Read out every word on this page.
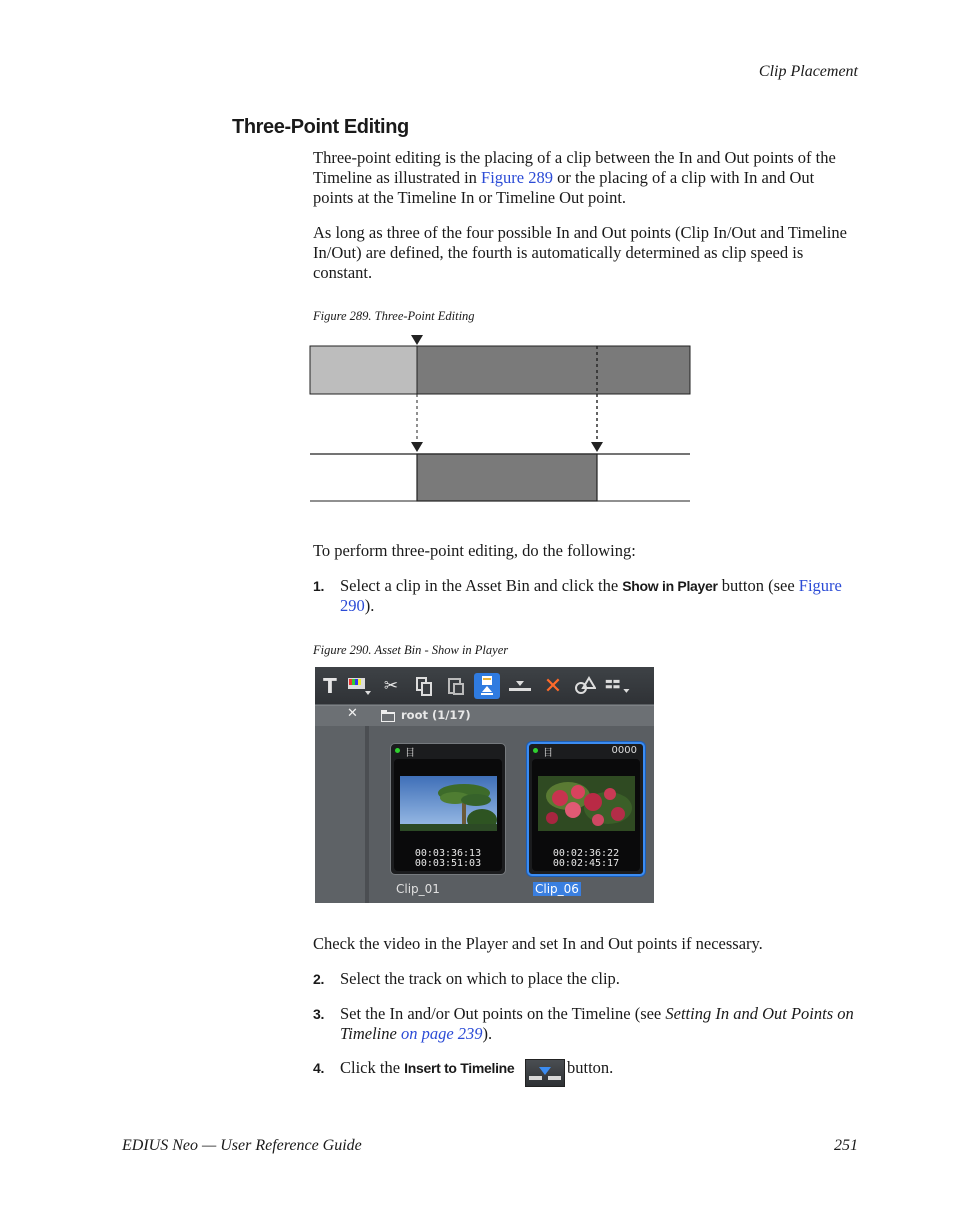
Clip Placement
Three-Point Editing
Three-point editing is the placing of a clip between the In and Out points of the Timeline as illustrated in Figure 289 or the placing of a clip with In and Out points at the Timeline In or Timeline Out point.
As long as three of the four possible In and Out points (Clip In/Out and Timeline In/Out) are defined, the fourth is automatically determined as clip speed is constant.
Figure 289. Three-Point Editing
To perform three-point editing, do the following:
1. Select a clip in the Asset Bin and click the Show in Player button (see Figure 290).
Figure 290. Asset Bin - Show in Player
T	✂	✕
✕	root (1/17)
目
00:03:36:13
00:03:51:03
Clip_01
目	0000
00:02:36:22
00:02:45:17
Clip_06
Check the video in the Player and set In and Out points if necessary.
2. Select the track on which to place the clip.
3. Set the In and/or Out points on the Timeline (see Setting In and Out Points on Timeline on page 239).
4. Click the Insert to Timeline	button.
EDIUS Neo — User Reference Guide	251
